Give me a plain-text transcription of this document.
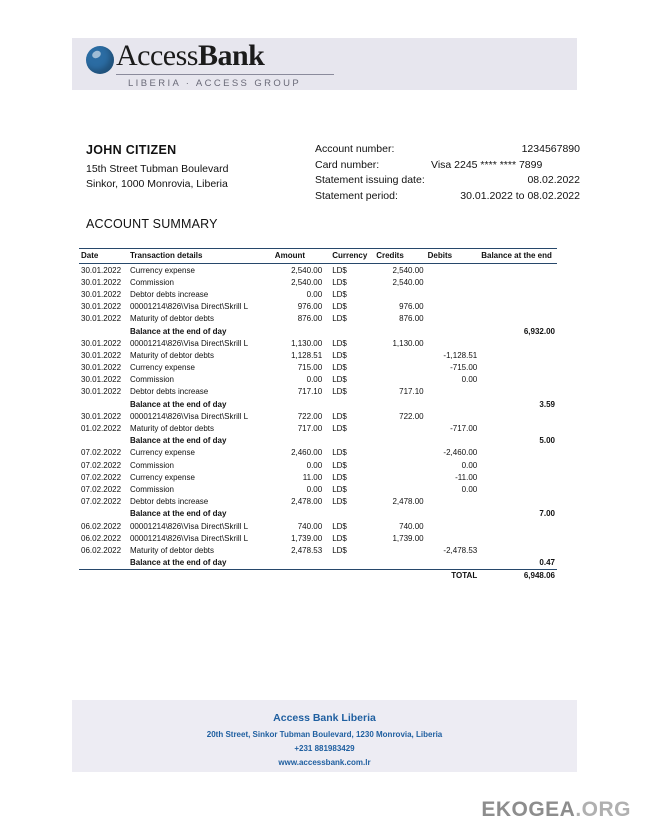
AccessBank
LIBERIA · ACCESS GROUP
JOHN CITIZEN
15th Street Tubman Boulevard
Sinkor, 1000 Monrovia, Liberia
Account number:	1234567890
Card number:	Visa 2245 **** **** 7899
Statement issuing date:	08.02.2022
Statement period:	30.01.2022 to 08.02.2022
ACCOUNT SUMMARY
Date	Transaction details	Amount	Currency	Credits	Debits	Balance at the end
30.01.2022	Currency expense	2,540.00	LD$	2,540.00		
30.01.2022	Commission	2,540.00	LD$	2,540.00		
30.01.2022	Debtor debts increase	0.00	LD$			
30.01.2022	00001214\826\Visa Direct\Skrill L	976.00	LD$	976.00		
30.01.2022	Maturity of debtor debts	876.00	LD$	876.00		
	Balance at the end of day					6,932.00
30.01.2022	00001214\826\Visa Direct\Skrill L	1,130.00	LD$	1,130.00		
30.01.2022	Maturity of debtor debts	1,128.51	LD$		-1,128.51	
30.01.2022	Currency expense	715.00	LD$		-715.00	
30.01.2022	Commission	0.00	LD$		0.00	
30.01.2022	Debtor debts increase	717.10	LD$	717.10		
	Balance at the end of day					3.59
30.01.2022	00001214\826\Visa Direct\Skrill L	722.00	LD$	722.00		
01.02.2022	Maturity of debtor debts	717.00	LD$		-717.00	
	Balance at the end of day					5.00
07.02.2022	Currency expense	2,460.00	LD$		-2,460.00	
07.02.2022	Commission	0.00	LD$		0.00	
07.02.2022	Currency expense	11.00	LD$		-11.00	
07.02.2022	Commission	0.00	LD$		0.00	
07.02.2022	Debtor debts increase	2,478.00	LD$	2,478.00		
	Balance at the end of day					7.00
06.02.2022	00001214\826\Visa Direct\Skrill L	740.00	LD$	740.00		
06.02.2022	00001214\826\Visa Direct\Skrill L	1,739.00	LD$	1,739.00		
06.02.2022	Maturity of debtor debts	2,478.53	LD$		-2,478.53	
	Balance at the end of day					0.47
					TOTAL	6,948.06
Access Bank Liberia
20th Street, Sinkor Tubman Boulevard, 1230 Monrovia, Liberia
+231 881983429
www.accessbank.com.lr
EKOGEA.ORG
